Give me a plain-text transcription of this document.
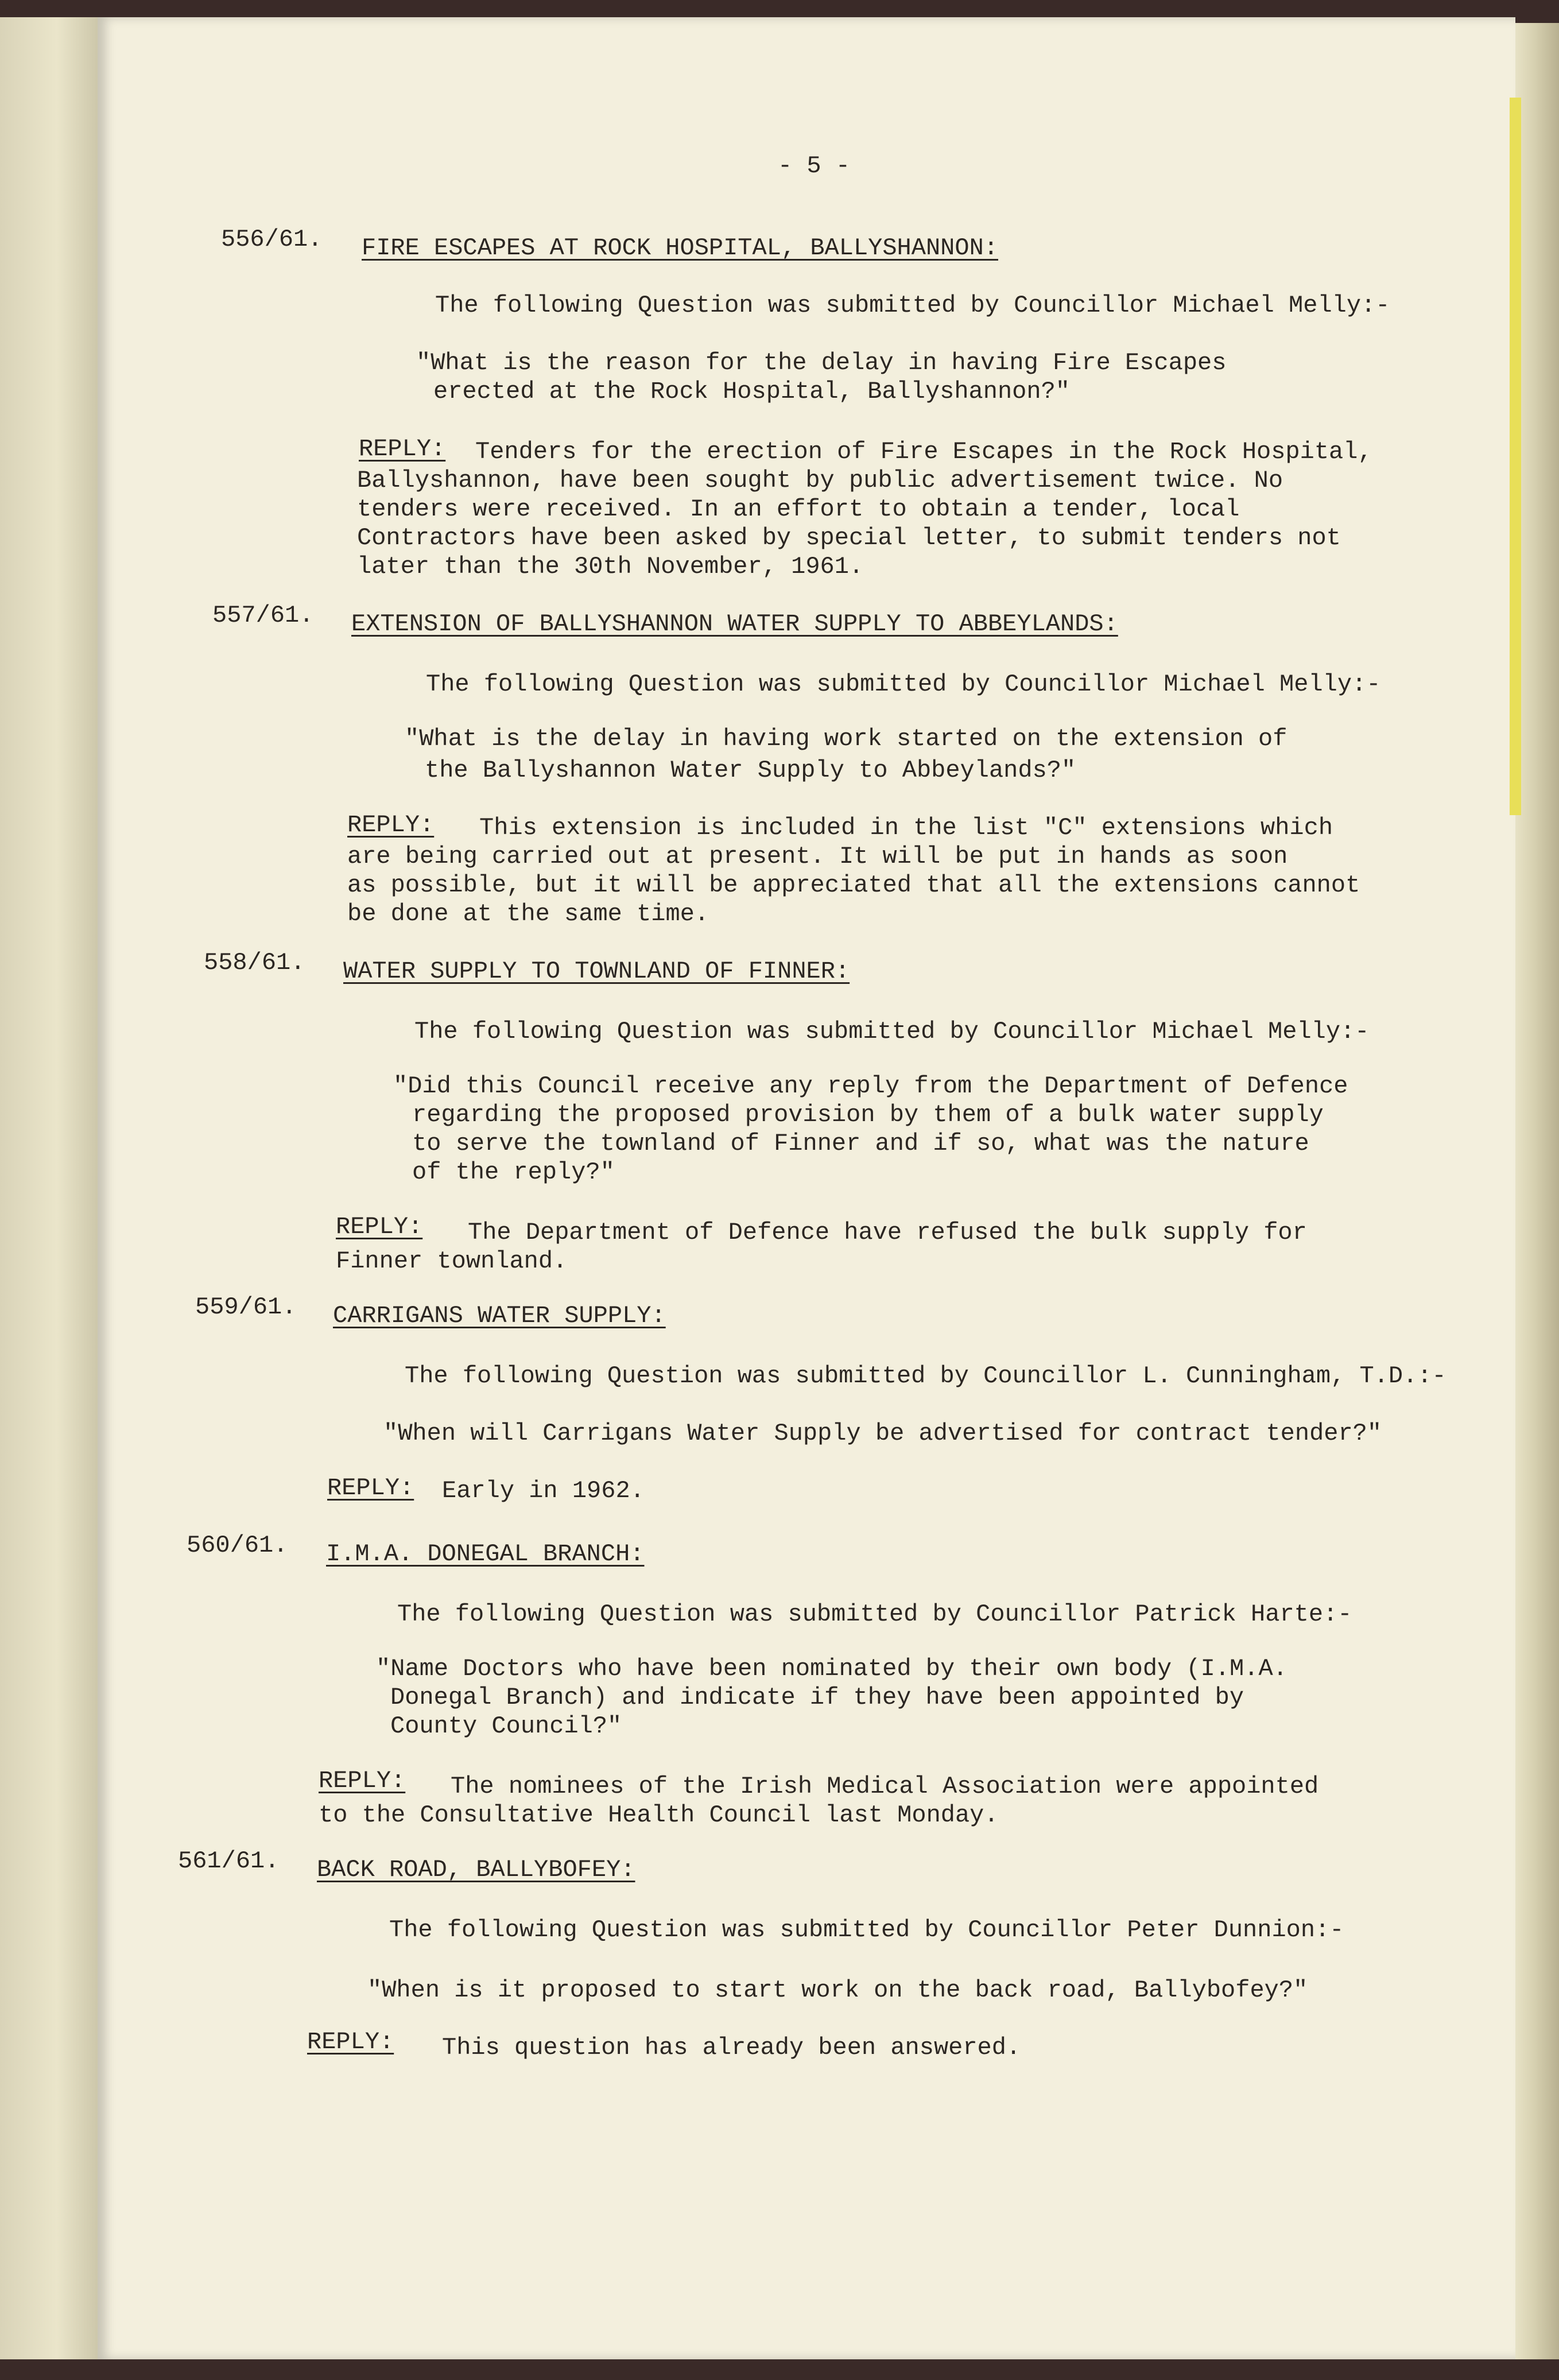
- 5 -
556/61. FIRE ESCAPES AT ROCK HOSPITAL, BALLYSHANNON:
The following Question was submitted by Councillor Michael Melly:-
"What is the reason for the delay in having Fire Escapes
erected at the Rock Hospital, Ballyshannon?"
REPLY: Tenders for the erection of Fire Escapes in the Rock Hospital,
Ballyshannon, have been sought by public advertisement twice. No
tenders were received. In an effort to obtain a tender, local
Contractors have been asked by special letter, to submit tenders not
later than the 30th November, 1961.
557/61. EXTENSION OF BALLYSHANNON WATER SUPPLY TO ABBEYLANDS:
The following Question was submitted by Councillor Michael Melly:-
"What is the delay in having work started on the extension of
the Ballyshannon Water Supply to Abbeylands?"
REPLY: This extension is included in the list "C" extensions which
are being carried out at present. It will be put in hands as soon
as possible, but it will be appreciated that all the extensions cannot
be done at the same time.
558/61. WATER SUPPLY TO TOWNLAND OF FINNER:
The following Question was submitted by Councillor Michael Melly:-
"Did this Council receive any reply from the Department of Defence
regarding the proposed provision by them of a bulk water supply
to serve the townland of Finner and if so, what was the nature
of the reply?"
REPLY: The Department of Defence have refused the bulk supply for
Finner townland.
559/61. CARRIGANS WATER SUPPLY:
The following Question was submitted by Councillor L. Cunningham, T.D.:-
"When will Carrigans Water Supply be advertised for contract tender?"
REPLY: Early in 1962.
560/61. I.M.A. DONEGAL BRANCH:
The following Question was submitted by Councillor Patrick Harte:-
"Name Doctors who have been nominated by their own body (I.M.A.
Donegal Branch) and indicate if they have been appointed by
County Council?"
REPLY: The nominees of the Irish Medical Association were appointed
to the Consultative Health Council last Monday.
561/61. BACK ROAD, BALLYBOFEY:
The following Question was submitted by Councillor Peter Dunnion:-
"When is it proposed to start work on the back road, Ballybofey?"
REPLY: This question has already been answered.
